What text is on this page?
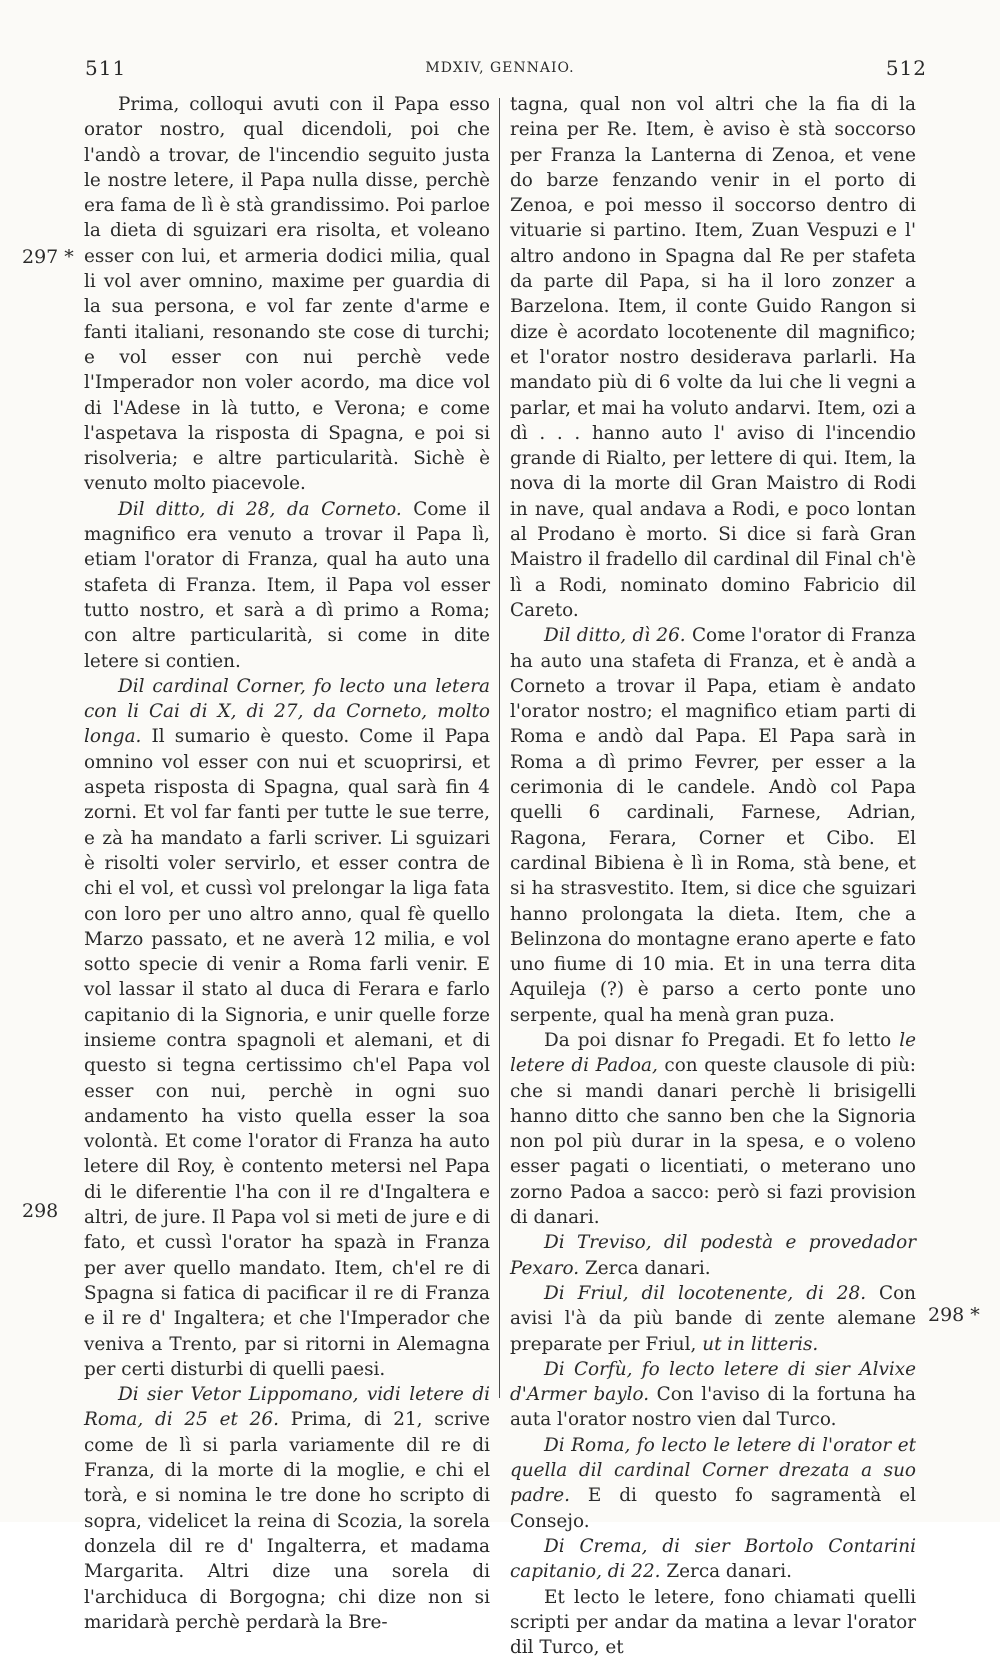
511	MDXIV, GENNAIO.	512
297 *
298
298 *

Prima, colloqui avuti con il Papa esso orator nostro, qual dicendoli, poi che l'andò a trovar, de l'incendio seguito justa le nostre letere, il Papa nulla disse, perchè era fama de lì è stà grandissimo. Poi parloe la dieta di sguizari era risolta, et voleano esser con lui, et armeria dodici milia, qual li vol aver omnino, maxime per guardia di la sua persona, e vol far zente d'arme e fanti italiani, resonando ste cose di turchi; e vol esser con nui perchè vede l'Imperador non voler acordo, ma dice vol di l'Adese in là tutto, e Verona; e come l'aspetava la risposta di Spagna, e poi si risolveria; e altre particularità. Sichè è venuto molto piacevole.

Dil ditto, di 28, da Corneto. Come il magnifico era venuto a trovar il Papa lì, etiam l'orator di Franza, qual ha auto una stafeta di Franza. Item, il Papa vol esser tutto nostro, et sarà a dì primo a Roma; con altre particularità, si come in dite letere si contien.

Dil cardinal Corner, fo lecto una letera con li Cai di X, di 27, da Corneto, molto longa. Il sumario è questo. Come il Papa omnino vol esser con nui et scuoprirsi, et aspeta risposta di Spagna, qual sarà fin 4 zorni. Et vol far fanti per tutte le sue terre, e zà ha mandato a farli scriver. Li sguizari è risolti voler servirlo, et esser contra de chi el vol, et cussì vol prelongar la liga fata con loro per uno altro anno, qual fè quello Marzo passato, et ne averà 12 milia, e vol sotto specie di venir a Roma farli venir. E vol lassar il stato al duca di Ferara e farlo capitanio di la Signoria, e unir quelle forze insieme contra spagnoli et alemani, et di questo si tegna certissimo ch'el Papa vol esser con nui, perchè in ogni suo andamento ha visto quella esser la soa volontà. Et come l'orator di Franza ha auto letere dil Roy, è contento metersi nel Papa di le diferentie l'ha con il re d'Ingaltera e altri, de jure. Il Papa vol si meti de jure e di fato, et cussì l'orator ha spazà in Franza per aver quello mandato. Item, ch'el re di Spagna si fatica di pacificar il re di Franza e il re d' Ingaltera; et che l'Imperador che veniva a Trento, par si ritorni in Alemagna per certi disturbi di quelli paesi.

Di sier Vetor Lippomano, vidi letere di Roma, di 25 et 26. Prima, di 21, scrive come de lì si parla variamente dil re di Franza, di la morte di la moglie, e chi el torà, e si nomina le tre done ho scripto di sopra, videlicet la reina di Scozia, la sorela donzela dil re d' Ingalterra, et madama Margarita. Altri dize una sorela di l'archiduca di Borgogna; chi dize non si maridarà perchè perdarà la Bre-

tagna, qual non vol altri che la fia di la reina per Re. Item, è aviso è stà soccorso per Franza la Lanterna di Zenoa, et vene do barze fenzando venir in el porto di Zenoa, e poi messo il soccorso dentro di vituarie si partino. Item, Zuan Vespuzi e l' altro andono in Spagna dal Re per stafeta da parte dil Papa, si ha il loro zonzer a Barzelona. Item, il conte Guido Rangon si dize è acordato locotenente dil magnifico; et l'orator nostro desiderava parlarli. Ha mandato più di 6 volte da lui che li vegni a parlar, et mai ha voluto andarvi. Item, ozi a dì . . . hanno auto l' aviso di l'incendio grande di Rialto, per lettere di qui. Item, la nova di la morte dil Gran Maistro di Rodi in nave, qual andava a Rodi, e poco lontan al Prodano è morto. Si dice si farà Gran Maistro il fradello dil cardinal dil Final ch'è lì a Rodi, nominato domino Fabricio dil Careto.

Dil ditto, dì 26. Come l'orator di Franza ha auto una stafeta di Franza, et è andà a Corneto a trovar il Papa, etiam è andato l'orator nostro; el magnifico etiam parti di Roma e andò dal Papa. El Papa sarà in Roma a dì primo Fevrer, per esser a la cerimonia di le candele. Andò col Papa quelli 6 cardinali, Farnese, Adrian, Ragona, Ferara, Corner et Cibo. El cardinal Bibiena è lì in Roma, stà bene, et si ha strasvestito. Item, si dice che sguizari hanno prolongata la dieta. Item, che a Belinzona do montagne erano aperte e fato uno fiume di 10 mia. Et in una terra dita Aquileja (?) è parso a certo ponte uno serpente, qual ha menà gran puza.

Da poi disnar fo Pregadi. Et fo letto le letere di Padoa, con queste clausole di più: che si mandi danari perchè li brisigelli hanno ditto che sanno ben che la Signoria non pol più durar in la spesa, e o voleno esser pagati o licentiati, o meterano uno zorno Padoa a sacco: però si fazi provision di danari.

Di Treviso, dil podestà e provedador Pexaro. Zerca danari.

Di Friul, dil locotenente, di 28. Con avisi l'à da più bande di zente alemane preparate per Friul, ut in litteris.

Di Corfù, fo lecto letere di sier Alvixe d'Armer baylo. Con l'aviso di la fortuna ha auta l'orator nostro vien dal Turco.

Di Roma, fo lecto le letere di l'orator et quella dil cardinal Corner drezata a suo padre. E di questo fo sagramentà el Consejo.

Di Crema, di sier Bortolo Contarini capitanio, di 22. Zerca danari.

Et lecto le letere, fono chiamati quelli scripti per andar da matina a levar l'orator dil Turco, et
